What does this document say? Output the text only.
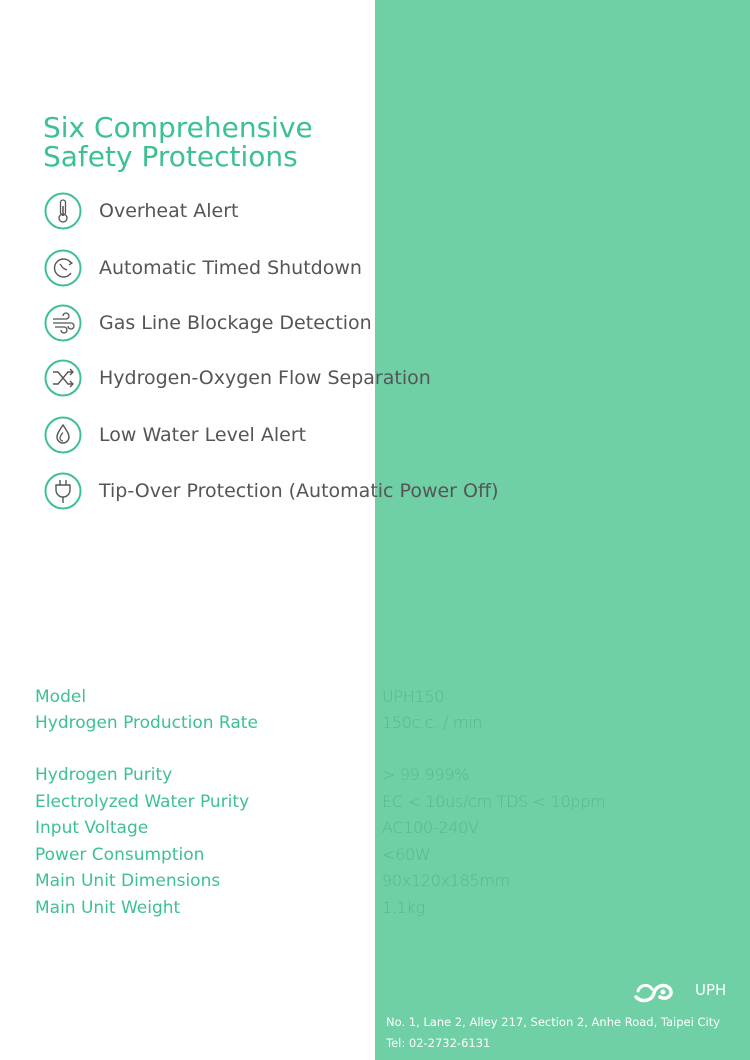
Six Comprehensive
Safety Protections
Overheat Alert
Automatic Timed Shutdown
Gas Line Blockage Detection
Hydrogen-Oxygen Flow Separation
Low Water Level Alert
Tip-Over Protection (Automatic Power Off)
Model	UPH150
Hydrogen Production Rate	150c.c. / min
Hydrogen Purity	> 99.999%
Electrolyzed Water Purity	EC < 10us/cm TDS < 10ppm
Input Voltage	AC100-240V
Power Consumption	<60W
Main Unit Dimensions	90x120x185mm
Main Unit Weight	1.1kg
UPH
No. 1, Lane 2, Alley 217, Section 2, Anhe Road, Taipei City
Tel: 02-2732-6131
